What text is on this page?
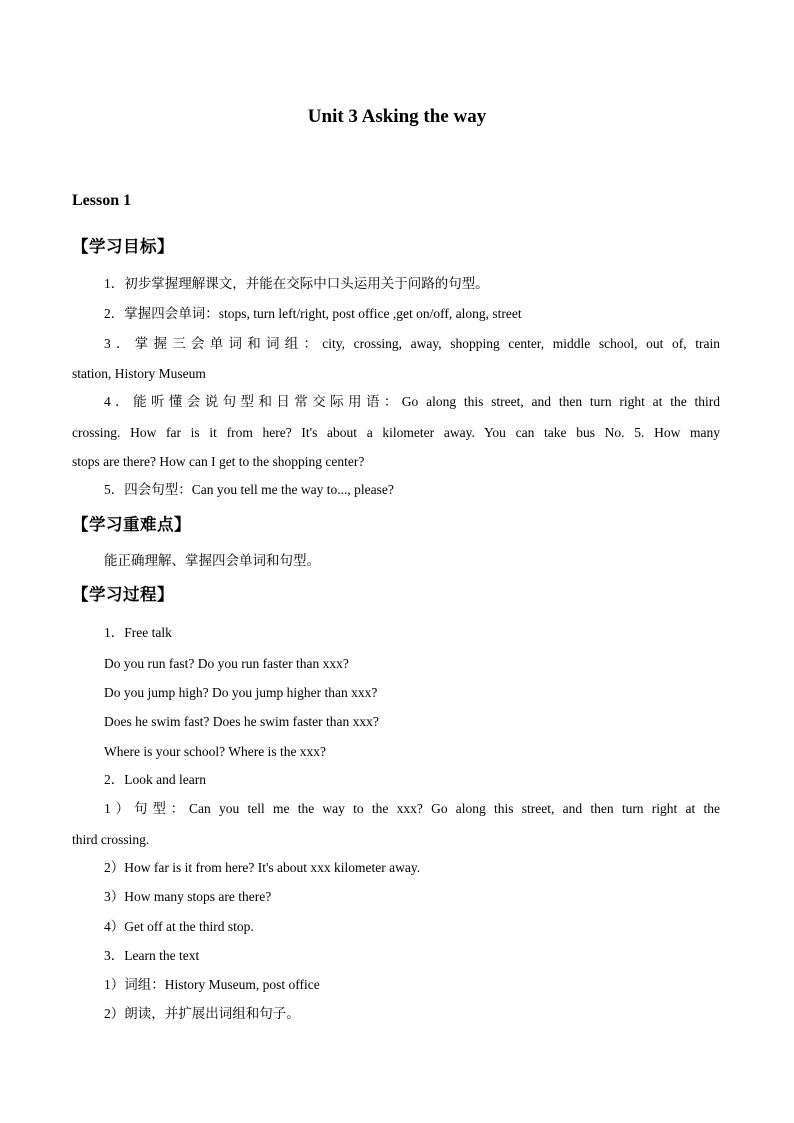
Unit 3 Asking the way
Lesson 1
【学习目标】
1．初步掌握理解课文，并能在交际中口头运用关于问路的句型。
2．掌握四会单词：stops, turn left/right, post office ,get on/off, along, street
3．掌握三会单词和词组：city, crossing, away, shopping center, middle school, out of, train
station, History Museum
4．能听懂会说句型和日常交际用语：Go along this street, and then turn right at the third
crossing. How far is it from here? It's about a kilometer away. You can take bus No. 5. How many
stops are there? How can I get to the shopping center?
5．四会句型：Can you tell me the way to..., please?
【学习重难点】
能正确理解、掌握四会单词和句型。
【学习过程】
1．Free talk
Do you run fast? Do you run faster than xxx?
Do you jump high? Do you jump higher than xxx?
Does he swim fast? Does he swim faster than xxx?
Where is your school? Where is the xxx?
2．Look and learn
1）句型：Can you tell me the way to the xxx? Go along this street, and then turn right at the
third crossing.
2）How far is it from here? It's about xxx kilometer away.
3）How many stops are there?
4）Get off at the third stop.
3．Learn the text
1）词组：History Museum, post office
2）朗读，并扩展出词组和句子。
